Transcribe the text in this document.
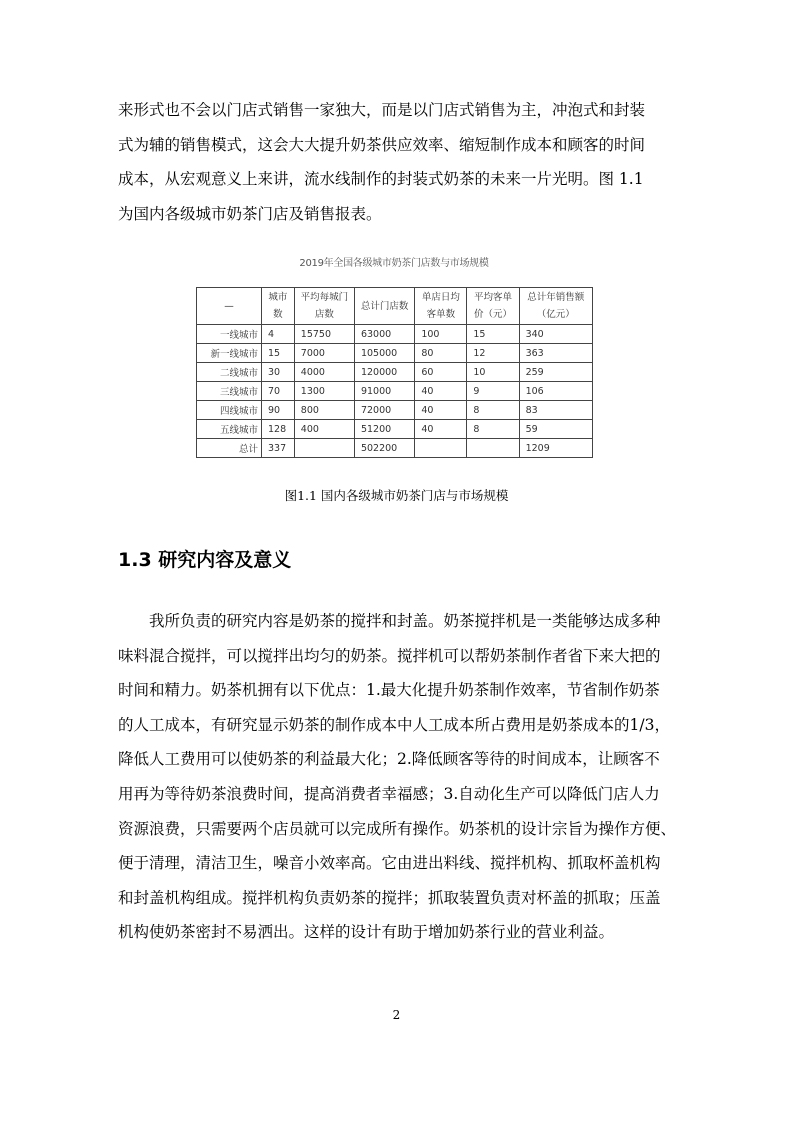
来形式也不会以门店式销售一家独大，而是以门店式销售为主，冲泡式和封装
式为辅的销售模式，这会大大提升奶茶供应效率、缩短制作成本和顾客的时间
成本，从宏观意义上来讲，流水线制作的封装式奶茶的未来一片光明。图 1.1
为国内各级城市奶茶门店及销售报表。
2019年全国各级城市奶茶门店数与市场规模
—	城市数	平均每城门店数	总计门店数	单店日均客单数	平均客单价（元）	总计年销售额（亿元）
一线城市	4	15750	63000	100	15	340
新一线城市	15	7000	105000	80	12	363
二线城市	30	4000	120000	60	10	259
三线城市	70	1300	91000	40	9	106
四线城市	90	800	72000	40	8	83
五线城市	128	400	51200	40	8	59
总计	337		502200			1209
图1.1 国内各级城市奶茶门店与市场规模
1.3 研究内容及意义
我所负责的研究内容是奶茶的搅拌和封盖。奶茶搅拌机是一类能够达成多种
味料混合搅拌，可以搅拌出均匀的奶茶。搅拌机可以帮奶茶制作者省下来大把的
时间和精力。奶茶机拥有以下优点：1.最大化提升奶茶制作效率，节省制作奶茶
的人工成本，有研究显示奶茶的制作成本中人工成本所占费用是奶茶成本的1/3，
降低人工费用可以使奶茶的利益最大化；2.降低顾客等待的时间成本，让顾客不
用再为等待奶茶浪费时间，提高消费者幸福感；3.自动化生产可以降低门店人力
资源浪费，只需要两个店员就可以完成所有操作。奶茶机的设计宗旨为操作方便、
便于清理，清洁卫生，噪音小效率高。它由进出料线、搅拌机构、抓取杯盖机构
和封盖机构组成。搅拌机构负责奶茶的搅拌；抓取装置负责对杯盖的抓取；压盖
机构使奶茶密封不易洒出。这样的设计有助于增加奶茶行业的营业利益。
2
